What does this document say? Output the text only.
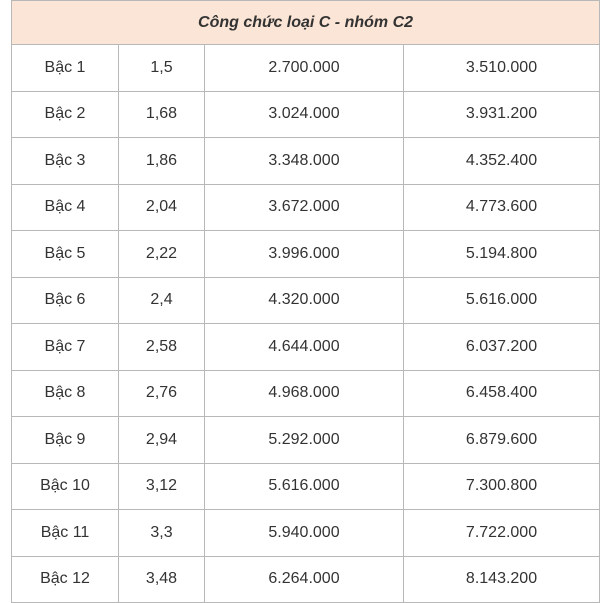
Công chức loại C - nhóm C2			
Bậc 1	1,5	2.700.000	3.510.000
Bậc 2	1,68	3.024.000	3.931.200
Bậc 3	1,86	3.348.000	4.352.400
Bậc 4	2,04	3.672.000	4.773.600
Bậc 5	2,22	3.996.000	5.194.800
Bậc 6	2,4	4.320.000	5.616.000
Bậc 7	2,58	4.644.000	6.037.200
Bậc 8	2,76	4.968.000	6.458.400
Bậc 9	2,94	5.292.000	6.879.600
Bậc 10	3,12	5.616.000	7.300.800
Bậc 11	3,3	5.940.000	7.722.000
Bậc 12	3,48	6.264.000	8.143.200
